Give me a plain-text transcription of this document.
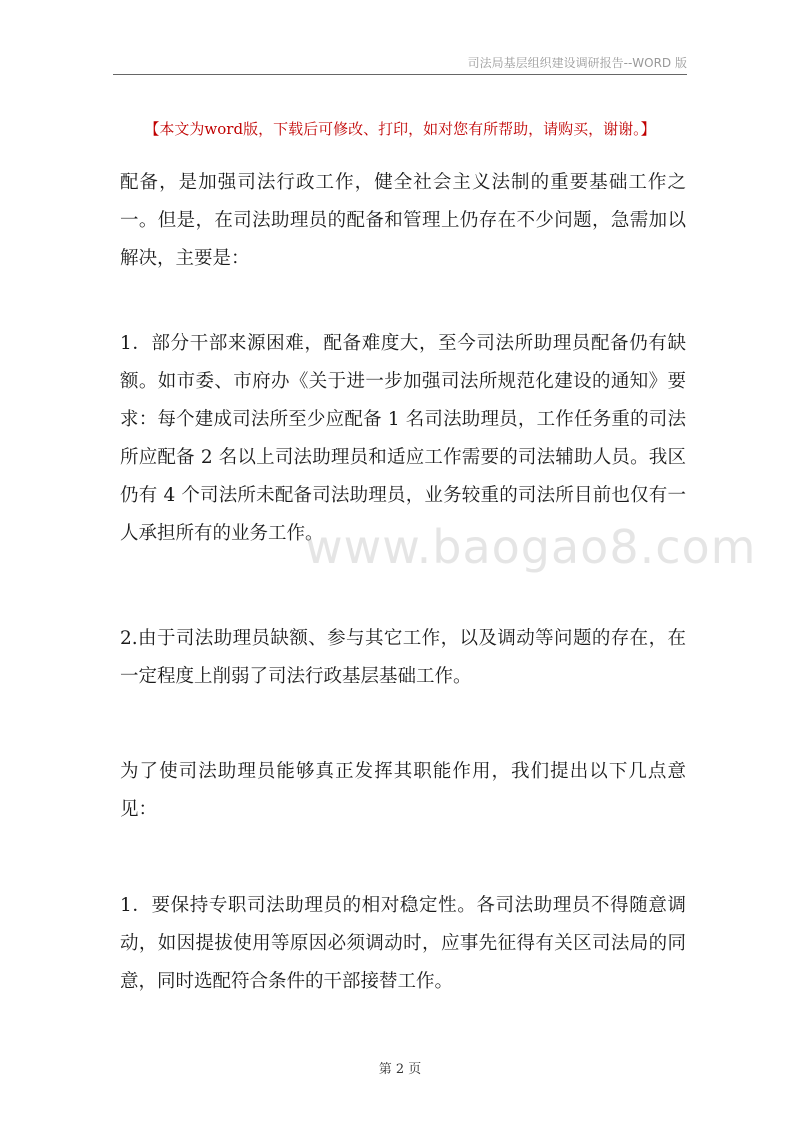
司法局基层组织建设调研报告--WORD 版
【本文为word版，下载后可修改、打印，如对您有所帮助，请购买，谢谢。】

配备，是加强司法行政工作，健全社会主义法制的重要基础工作之一。但是，在司法助理员的配备和管理上仍存在不少问题，急需加以解决，主要是：

1．部分干部来源困难，配备难度大，至今司法所助理员配备仍有缺额。如市委、市府办《关于进一步加强司法所规范化建设的通知》要求：每个建成司法所至少应配备 1 名司法助理员，工作任务重的司法所应配备 2 名以上司法助理员和适应工作需要的司法辅助人员。我区仍有 4 个司法所未配备司法助理员，业务较重的司法所目前也仅有一人承担所有的业务工作。

2.由于司法助理员缺额、参与其它工作，以及调动等问题的存在，在一定程度上削弱了司法行政基层基础工作。

为了使司法助理员能够真正发挥其职能作用，我们提出以下几点意见：

1．要保持专职司法助理员的相对稳定性。各司法助理员不得随意调动，如因提拔使用等原因必须调动时，应事先征得有关区司法局的同意，同时选配符合条件的干部接替工作。

www.baogao8.com
第 2 页
